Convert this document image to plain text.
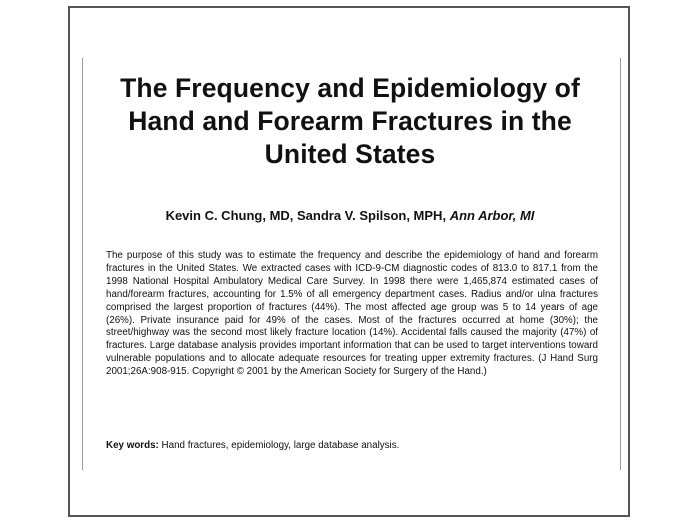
The Frequency and Epidemiology of
Hand and Forearm Fractures in the
United States
Kevin C. Chung, MD, Sandra V. Spilson, MPH, Ann Arbor, MI

The purpose of this study was to estimate the frequency and describe the epidemiology of hand and forearm fractures in the United States. We extracted cases with ICD-9-CM diagnostic codes of 813.0 to 817.1 from the 1998 National Hospital Ambulatory Medical Care Survey. In 1998 there were 1,465,874 estimated cases of hand/forearm fractures, accounting for 1.5% of all emergency department cases. Radius and/or ulna fractures comprised the largest proportion of fractures (44%). The most affected age group was 5 to 14 years of age (26%). Private insurance paid for 49% of the cases. Most of the fractures occurred at home (30%); the street/highway was the second most likely fracture location (14%). Accidental falls caused the majority (47%) of fractures. Large database analysis provides important information that can be used to target interventions toward vulnerable populations and to allocate adequate resources for treating upper extremity fractures. (J Hand Surg 2001;26A:908-915. Copyright © 2001 by the American Society for Surgery of the Hand.)

Key words: Hand fractures, epidemiology, large database analysis.
